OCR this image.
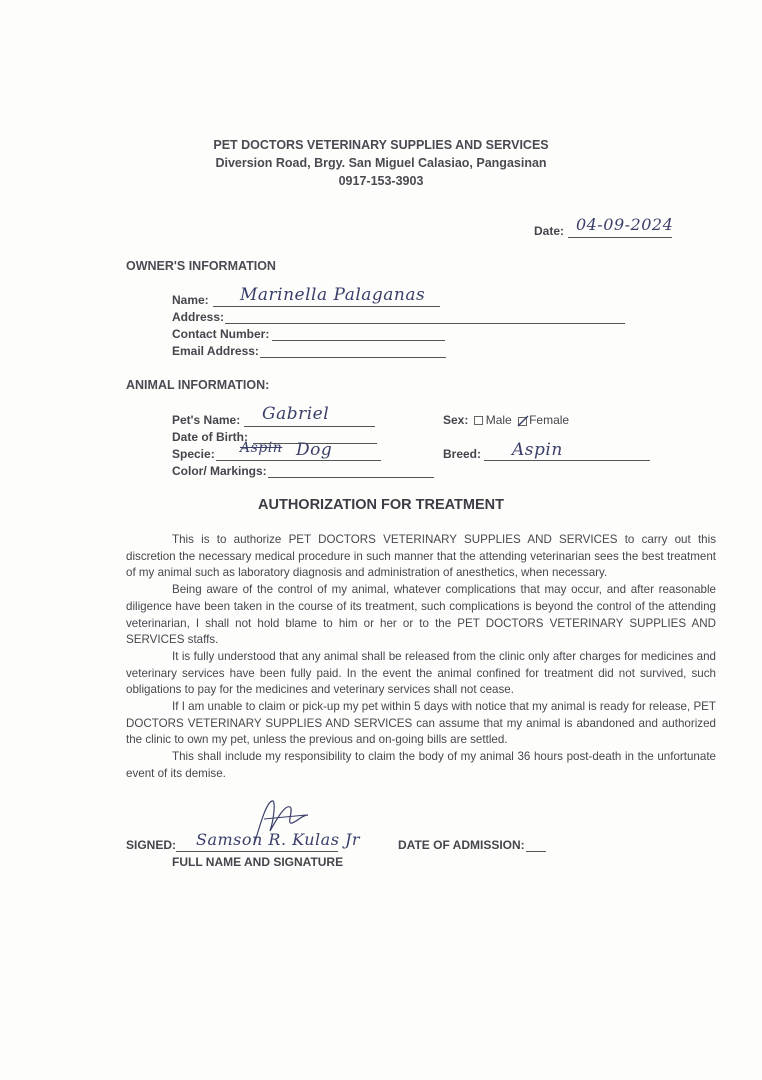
PET DOCTORS VETERINARY SUPPLIES AND SERVICES
Diversion Road, Brgy. San Miguel Calasiao, Pangasinan
0917-153-3903
Date: 04-09-2024
OWNER'S INFORMATION
Name: Marinella Palaganas
Address:
Contact Number:
Email Address:
ANIMAL INFORMATION:
Pet's Name: Gabriel
Date of Birth:
Specie: Aspin Dog
Color/ Markings:
Sex: Male Female
Breed: Aspin
AUTHORIZATION FOR TREATMENT

This is to authorize PET DOCTORS VETERINARY SUPPLIES AND SERVICES to carry out this discretion the necessary medical procedure in such manner that the attending veterinarian sees the best treatment of my animal such as laboratory diagnosis and administration of anesthetics, when necessary.

Being aware of the control of my animal, whatever complications that may occur, and after reasonable diligence have been taken in the course of its treatment, such complications is beyond the control of the attending veterinarian, I shall not hold blame to him or her or to the PET DOCTORS VETERINARY SUPPLIES AND SERVICES staffs.

It is fully understood that any animal shall be released from the clinic only after charges for medicines and veterinary services have been fully paid. In the event the animal confined for treatment did not survived, such obligations to pay for the medicines and veterinary services shall not cease.

If I am unable to claim or pick-up my pet within 5 days with notice that my animal is ready for release, PET DOCTORS VETERINARY SUPPLIES AND SERVICES can assume that my animal is abandoned and authorized the clinic to own my pet, unless the previous and on-going bills are settled.

This shall include my responsibility to claim the body of my animal 36 hours post-death in the unfortunate event of its demise.

SIGNED: Samson R. Kulas Jr
FULL NAME AND SIGNATURE
DATE OF ADMISSION:
